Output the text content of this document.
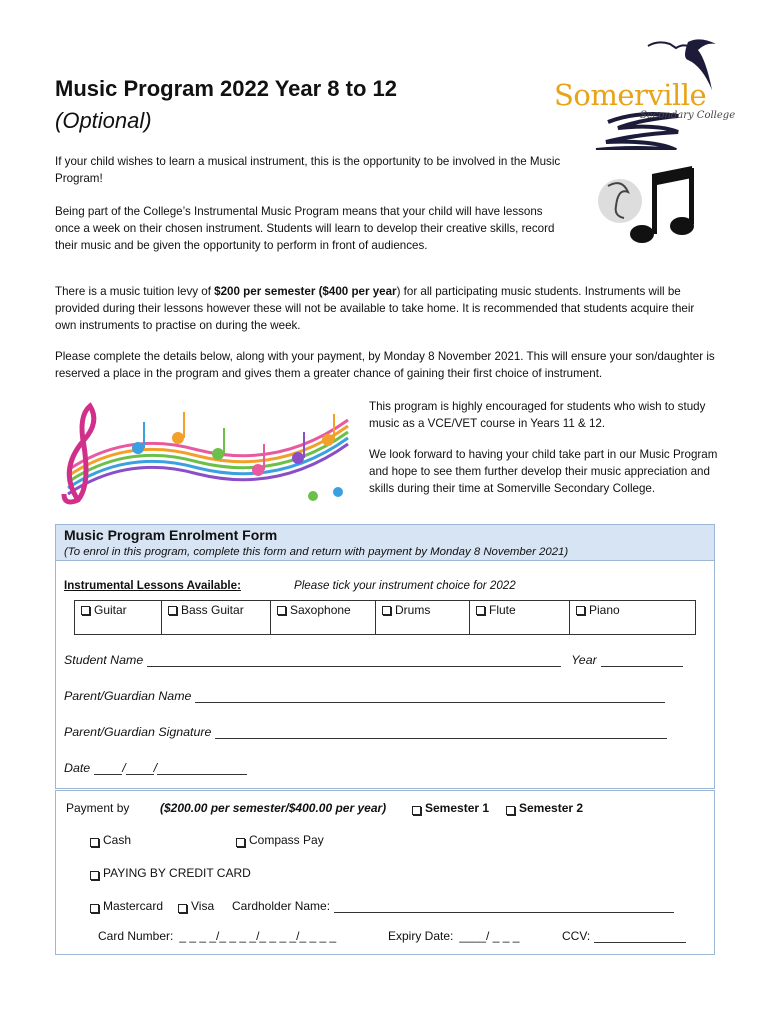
Music Program 2022 Year 8 to 12
(Optional)
Somerville
Secondary College
If your child wishes to learn a musical instrument, this is the opportunity to be involved in the Music Program!
Being part of the College’s Instrumental Music Program means that your child will have lessons once a week on their chosen instrument. Students will learn to develop their creative skills, record their music and be given the opportunity to perform in front of audiences.
There is a music tuition levy of $200 per semester ($400 per year) for all participating music students. Instruments will be provided during their lessons however these will not be available to take home. It is recommended that students acquire their own instruments to practise on during the week.
Please complete the details below, along with your payment, by Monday 8 November 2021. This will ensure your son/daughter is reserved a place in the program and gives them a greater chance of gaining their first choice of instrument.
This program is highly encouraged for students who wish to study music as a VCE/VET course in Years 11 & 12.
We look forward to having your child take part in our Music Program and hope to see them further develop their music appreciation and skills during their time at Somerville Secondary College.
Music Program Enrolment Form
(To enrol in this program, complete this form and return with payment by Monday 8 November 2021)
Instrumental Lessons Available:	Please tick your instrument choice for 2022
Guitar	Bass Guitar	Saxophone	Drums	Flute	Piano
Student Name	Year
Parent/Guardian Name
Parent/Guardian Signature
Date	/ /
Payment by	($200.00 per semester/$400.00 per year)	Semester 1 Semester 2
Cash	Compass Pay
PAYING BY CREDIT CARD
Mastercard Visa Cardholder Name:
Card Number: _ _ _ _/_ _ _ _/_ _ _ _/_ _ _ _	Expiry Date: ____/ _ _ _	CCV:
